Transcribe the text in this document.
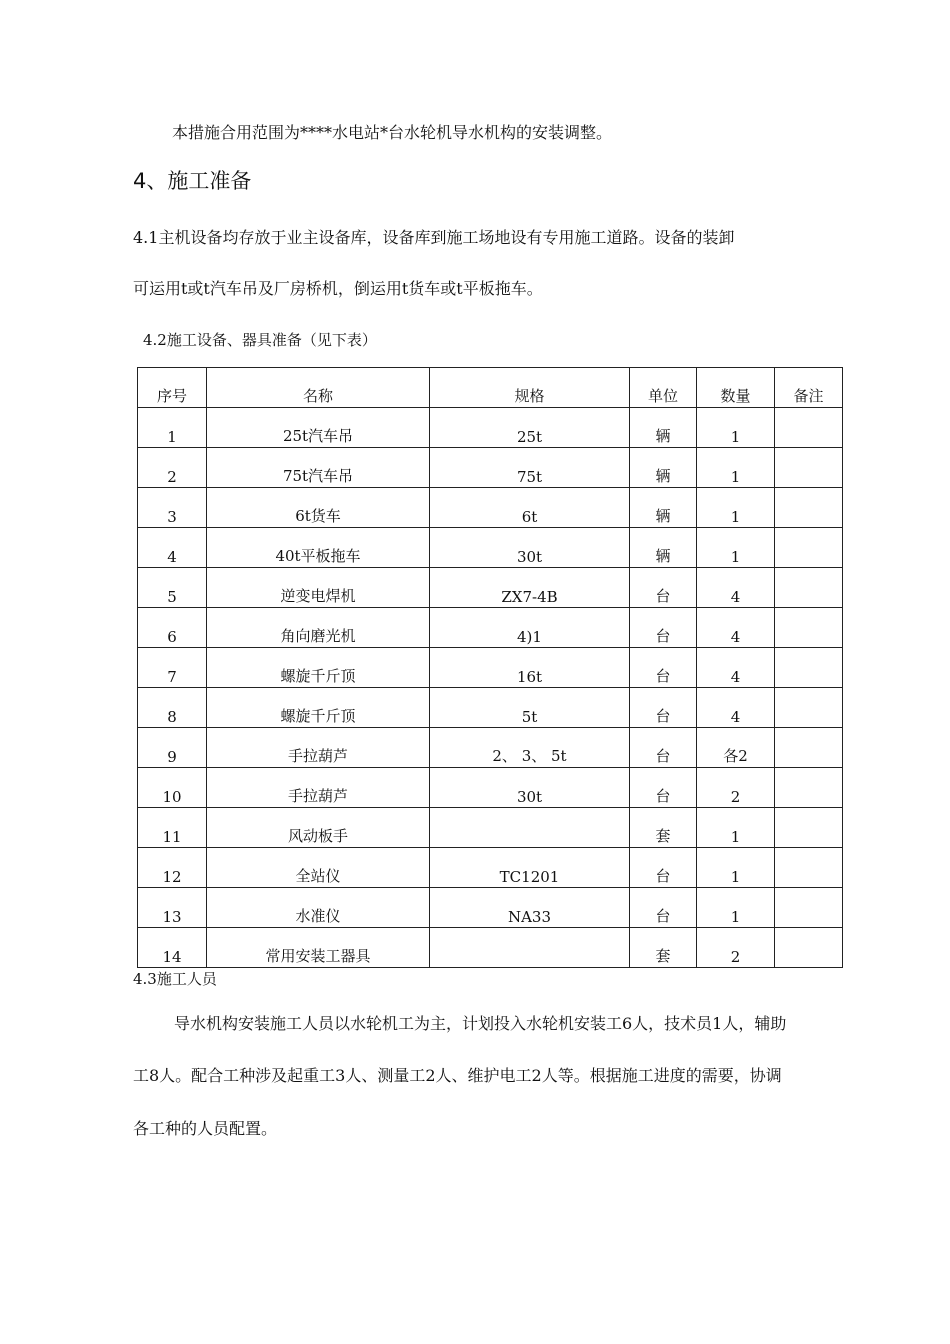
本措施合用范围为****水电站*台水轮机导水机构的安装调整。
4、施工准备
4.1主机设备均存放于业主设备库，设备库到施工场地设有专用施工道路。设备的装卸
可运用t或t汽车吊及厂房桥机，倒运用t货车或t平板拖车。
4.2施工设备、器具准备（见下表）
序号	名称	规格	单位	数量	备注
1	25t汽车吊	25t	辆	1	
2	75t汽车吊	75t	辆	1	
3	6t货车	6t	辆	1	
4	40t平板拖车	30t	辆	1	
5	逆变电焊机	ZX7-4B	台	4	
6	角向磨光机	4)1	台	4	
7	螺旋千斤顶	16t	台	4	
8	螺旋千斤顶	5t	台	4	
9	手拉葫芦	2、 3、 5t	台	各2	
10	手拉葫芦	30t	台	2	
11	风动板手		套	1	
12	全站仪	TC1201	台	1	
13	水准仪	NA33	台	1	
14	常用安装工器具		套	2	
4.3施工人员
导水机构安装施工人员以水轮机工为主，计划投入水轮机安装工6人，技术员1人，辅助
工8人。配合工种涉及起重工3人、测量工2人、维护电工2人等。根据施工进度的需要，协调
各工种的人员配置。
